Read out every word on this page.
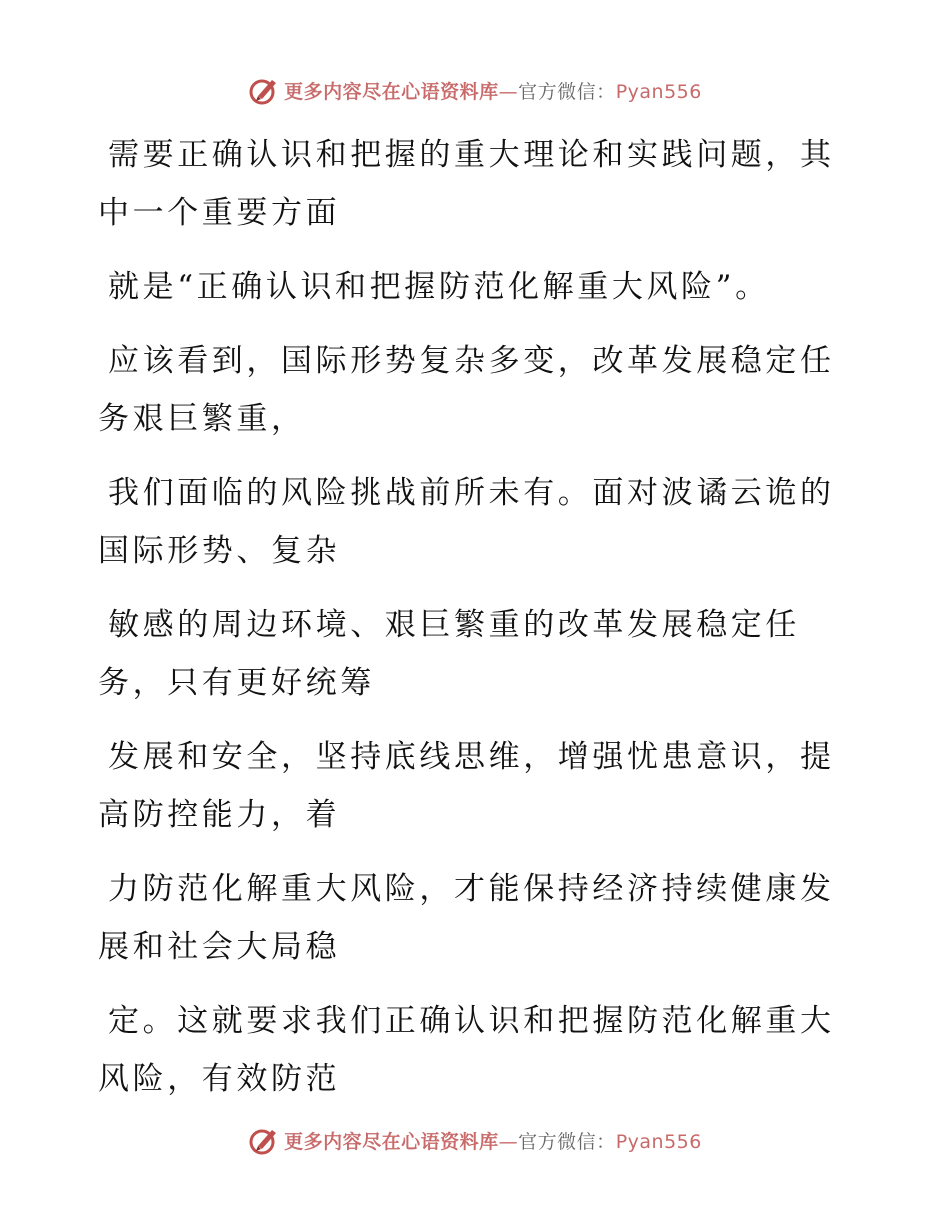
更多内容尽在心语资料库—官方微信：Pyan556

需要正确认识和把握的重大理论和实践问题，其
中一个重要方面

就是“正确认识和把握防范化解重大风险”。

应该看到，国际形势复杂多变，改革发展稳定任
务艰巨繁重，

我们面临的风险挑战前所未有。面对波谲云诡的
国际形势、复杂

敏感的周边环境、艰巨繁重的改革发展稳定任
务，只有更好统筹

发展和安全，坚持底线思维，增强忧患意识，提
高防控能力，着

力防范化解重大风险，才能保持经济持续健康发
展和社会大局稳

定。这就要求我们正确认识和把握防范化解重大
风险，有效防范

更多内容尽在心语资料库—官方微信：Pyan556
